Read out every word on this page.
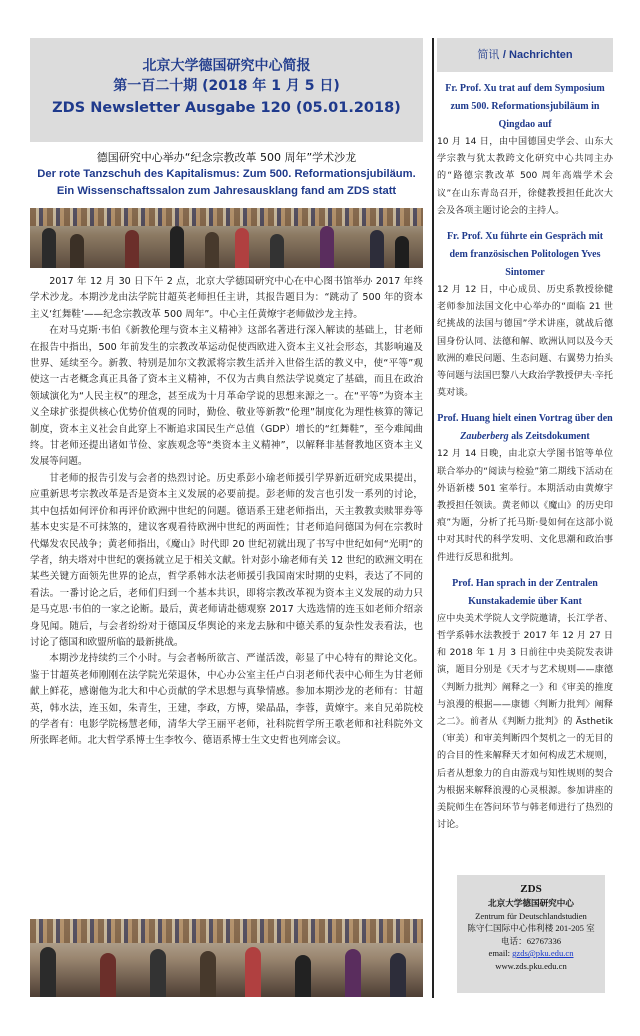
北京大学德国研究中心简报
第一百二十期 (2018 年 1 月 5 日)
ZDS Newsletter Ausgabe 120 (05.01.2018)
德国研究中心举办“纪念宗教改革 500 周年”学术沙龙
Der rote Tanzschuh des Kapitalismus: Zum 500. Reformationsjubiläum.
Ein Wissenschaftssalon zum Jahresausklang fand am ZDS statt

2017 年 12 月 30 日下午 2 点，北京大学德国研究中心在中心图书馆举办 2017 年终学术沙龙。本期沙龙由法学院甘超英老师担任主讲，其报告题目为：“跳动了 500 年的资本主义‘红舞鞋’——纪念宗教改革 500 周年”。中心主任黄燎宇老师做沙龙主持。

在对马克斯·韦伯《新教伦理与资本主义精神》这部名著进行深入解读的基础上，甘老师在报告中指出，500 年前发生的宗教改革运动促使西欧进入资本主义社会形态，其影响遍及世界、延续至今。新教、特别是加尔文教派将宗教生活并入世俗生活的教义中，使“平等”观使这一古老概念真正具备了资本主义精神，不仅为古典自然法学说奠定了基础，而且在政治领域演化为“人民主权”的理念，甚至成为十月革命学说的思想来源之一。在“平等”为资本主义全球扩张提供核心优势价值观的同时，勤俭、敬业等新教“伦理”制度化为理性核算的簿记制度，资本主义社会自此穿上不断追求国民生产总值（GDP）增长的“红舞鞋”，至今难闻曲终。甘老师还提出诸如节俭、家族观念等“类资本主义精神”，以解释非基督教地区资本主义发展等问题。

甘老师的报告引发与会者的热烈讨论。历史系彭小瑜老师援引学界新近研究成果提出，应重新思考宗教改革是否是资本主义发展的必要前提。彭老师的发言也引发一系列的讨论，其中包括如何评价和再评价欧洲中世纪的问题。德语系王建老师指出，天主教教卖赎罪券等基本史实是不可抹煞的，建议客观看待欧洲中世纪的两面性；甘老师追问德国为何在宗教时代爆发农民战争；黄老师指出，《魔山》时代即 20 世纪初就出现了书写中世纪如何“光明”的学者，纳夫塔对中世纪的褒扬就立足于相关文献。针对彭小瑜老师有关 12 世纪的欧洲文明在某些关键方面领先世界的论点，哲学系韩水法老师援引我国南宋时期的史料，表达了不同的看法。一番讨论之后，老师们归到一个基本共识，即将宗教改革视为资本主义发展的动力只是马克思·韦伯的一家之论断。最后，黄老师请赴德观察 2017 大选选情的连玉如老师介绍亲身见闻。随后，与会者纷纷对于德国反华舆论的来龙去脉和中德关系的复杂性发表看法，也讨论了德国和欧盟所临的最新挑战。

本期沙龙持续约三个小时。与会者畅所欲言、严谨活泼，彰显了中心特有的辩论文化。鉴于甘超英老师刚刚在法学院光荣退休，中心办公室主任卢白羽老师代表中心师生为甘老师献上鲜花，感谢他为北大和中心贡献的学术思想与真挚情感。参加本期沙龙的老师有：甘超英，韩水法，连玉如，朱青生，王建，李政，方博，梁晶晶，李蓉，黄燎宇。来自兄弟院校的学者有：电影学院杨慧老师，清华大学王丽平老师，社科院哲学所王歌老师和社科院外文所张晖老师。北大哲学系博士生李牧今、德语系博士生文史哲也列席会议。

简讯 / Nachrichten
Fr. Prof. Xu trat auf dem Symposium zum 500. Reformationsjubiläum in Qingdao auf
10 月 14 日，由中国德国史学会、山东大学宗教与犹太教跨文化研究中心共同主办的“路德宗教改革 500 周年高端学术会议”在山东青岛召开，徐健教授担任此次大会及各项主题讨论会的主持人。
Fr. Prof. Xu führte ein Gespräch mit dem französischen Politologen Yves Sintomer
12 月 12 日，中心成员、历史系教授徐健老师参加法国文化中心举办的“面临 21 世纪挑战的法国与德国”学术讲座，就战后德国身份认同、法德和解、欧洲认同以及今天欧洲的难民问题、生态问题、右翼势力抬头等问题与法国巴黎八大政治学教授伊夫·辛托莫对谈。
Prof. Huang hielt einen Vortrag über den Zauberberg als Zeitsdokument
12 月 14 日晚，由北京大学图书馆等单位联合举办的“阅读与检验”第二期线下活动在外语新楼 501 室举行。本期活动由黄燎宇教授担任领读。黄老师以《魔山》的历史印痕”为题，分析了托马斯·曼如何在这部小说中对其时代的科学发明、文化思潮和政治事件进行反思和批判。
Prof. Han sprach in der Zentralen Kunstakademie über Kant
应中央美术学院人文学院邀请，长江学者、哲学系韩水法教授于 2017 年 12 月 27 日和 2018 年 1 月 3 日前往中央美院发表讲演，题目分别是《天才与艺术规则——康德〈判断力批判〉阐释之一》和《审美的推度与浪漫的根据——康德〈判断力批判〉阐释之二》。前者从《判断力批判》的 Ästhetik（审美）和审美判断四个契机之一的无目的的合目的性来解释天才如何构成艺术规则，后者从想象力的自由游戏与知性规则的契合为根据来解释浪漫的心灵根源。参加讲座的美院师生在答问环节与韩老师进行了热烈的讨论。
ZDS
北京大学德国研究中心
Zentrum für Deutschlandstudien
陈守仁国际中心伟利楼 201-205 室
电话：62767336
email: gzds@pku.edu.cn
www.zds.pku.edu.cn
